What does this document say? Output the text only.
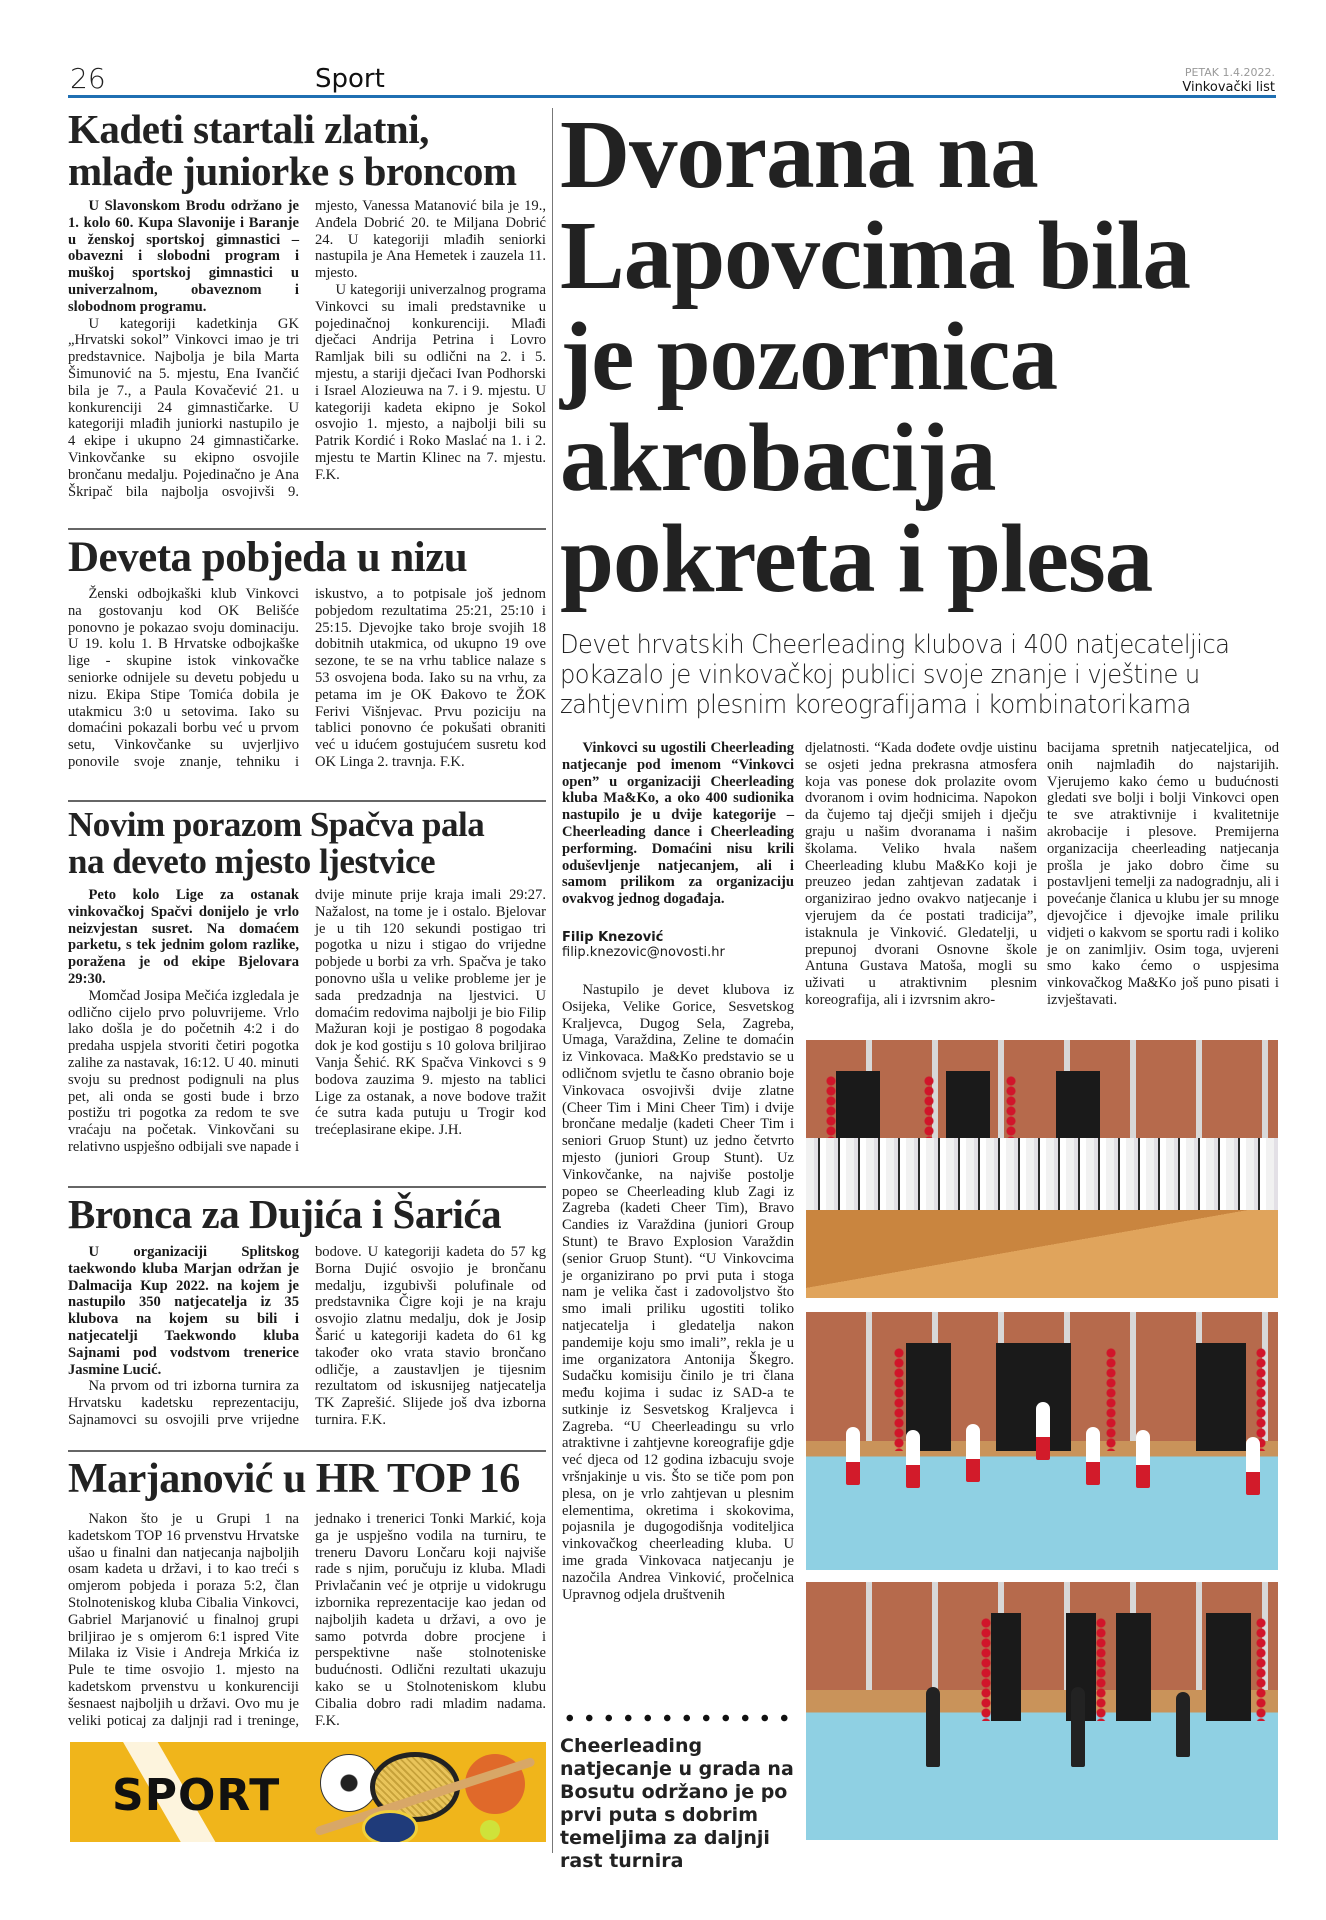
26	Sport	PETAK 1.4.2022.
Vinkovački list
Kadeti startali zlatni,
mlađe juniorke s broncom

U Slavonskom Brodu održano je 1. kolo 60. Kupa Slavonije i Baranje u ženskoj sportskoj gimnastici – obavezni i slobodni program i muškoj sportskoj gimnastici u univerzalnom, obaveznom i slobodnom programu.

U kategoriji kadetkinja GK „Hrvatski sokol” Vinkovci imao je tri predstavnice. Najbolja je bila Marta Šimunović na 5. mjestu, Ena Ivančić bila je 7., a Paula Kovačević 21. u konkurenciji 24 gimnastičarke. U kategoriji mlađih juniorki nastupilo je 4 ekipe i ukupno 24 gimnastičarke. Vinkovčanke su ekipno osvojile brončanu medalju. Pojedinačno je Ana Škripač bila najbolja osvojivši 9. mjesto, Vanessa Matanović bila je 19., Anđela Dobrić 20. te Miljana Dobrić 24. U kategoriji mlađih seniorki nastupila je Ana Hemetek i zauzela 11. mjesto.

U kategoriji univerzalnog programa Vinkovci su imali predstavnike u pojedinačnoj konkurenciji. Mlađi dječaci Andrija Petrina i Lovro Ramljak bili su odlični na 2. i 5. mjestu, a stariji dječaci Ivan Podhorski i Israel Alozieuwa na 7. i 9. mjestu. U kategoriji kadeta ekipno je Sokol osvojio 1. mjesto, a najbolji bili su Patrik Kordić i Roko Maslać na 1. i 2. mjestu te Martin Klinec na 7. mjestu. F.K.

Deveta pobjeda u nizu

Ženski odbojkaški klub Vinkovci na gostovanju kod OK Belišće ponovno je pokazao svoju dominaciju. U 19. kolu 1. B Hrvatske odbojkaške lige - skupine istok vinkovačke seniorke odnijele su devetu pobjedu u nizu. Ekipa Stipe Tomića dobila je utakmicu 3:0 u setovima. Iako su domaćini pokazali borbu već u prvom setu, Vinkovčanke su uvjerljivo ponovile svoje znanje, tehniku i iskustvo, a to potpisale još jednom pobjedom rezultatima 25:21, 25:10 i 25:15. Djevojke tako broje svojih 18 dobitnih utakmica, od ukupno 19 ove sezone, te se na vrhu tablice nalaze s 53 osvojena boda. Iako su na vrhu, za petama im je OK Đakovo te ŽOK Ferivi Višnjevac. Prvu poziciju na tablici ponovno će pokušati obraniti već u idućem gostujućem susretu kod OK Linga 2. travnja. F.K.

Novim porazom Spačva pala
na deveto mjesto ljestvice

Peto kolo Lige za ostanak vinkovačkoj Spačvi donijelo je vrlo neizvjestan susret. Na domaćem parketu, s tek jednim golom razlike, poražena je od ekipe Bjelovara 29:30.

Momčad Josipa Mečića izgledala je odlično cijelo prvo poluvrijeme. Vrlo lako došla je do početnih 4:2 i do predaha uspjela stvoriti četiri pogotka zalihe za nastavak, 16:12. U 40. minuti svoju su prednost podignuli na plus pet, ali onda se gosti bude i brzo postižu tri pogotka za redom te sve vraćaju na početak. Vinkovčani su relativno uspješno odbijali sve napade i dvije minute prije kraja imali 29:27. Nažalost, na tome je i ostalo. Bjelovar je u tih 120 sekundi postigao tri pogotka u nizu i stigao do vrijedne pobjede u borbi za vrh. Spačva je tako ponovno ušla u velike probleme jer je sada predzadnja na ljestvici. U domaćim redovima najbolji je bio Filip Mažuran koji je postigao 8 pogodaka dok je kod gostiju s 10 golova briljirao Vanja Šehić. RK Spačva Vinkovci s 9 bodova zauzima 9. mjesto na tablici Lige za ostanak, a nove bodove tražit će sutra kada putuju u Trogir kod trećeplasirane ekipe. J.H.

Bronca za Dujića i Šarića

U organizaciji Splitskog taekwondo kluba Marjan održan je Dalmacija Kup 2022. na kojem je nastupilo 350 natjecatelja iz 35 klubova na kojem su bili i natjecatelji Taekwondo kluba Sajnami pod vodstvom trenerice Jasmine Lucić.

Na prvom od tri izborna turnira za Hrvatsku kadetsku reprezentaciju, Sajnamovci su osvojili prve vrijedne bodove. U kategoriji kadeta do 57 kg Borna Dujić osvojio je brončanu medalju, izgubivši polufinale od predstavnika Čigre koji je na kraju osvojio zlatnu medalju, dok je Josip Šarić u kategoriji kadeta do 61 kg također oko vrata stavio brončano odličje, a zaustavljen je tijesnim rezultatom od iskusnijeg natjecatelja TK Zaprešić. Slijede još dva izborna turnira. F.K.

Marjanović u HR TOP 16

Nakon što je u Grupi 1 na kadetskom TOP 16 prvenstvu Hrvatske ušao u finalni dan natjecanja najboljih osam kadeta u državi, i to kao treći s omjerom pobjeda i poraza 5:2, član Stolnoteniskog kluba Cibalia Vinkovci, Gabriel Marjanović u finalnoj grupi briljirao je s omjerom 6:1 ispred Vite Milaka iz Visie i Andreja Mrkića iz Pule te time osvojio 1. mjesto na kadetskom prvenstvu u konkurenciji šesnaest najboljih u državi. Ovo mu je veliki poticaj za daljnji rad i treninge, jednako i trenerici Tonki Markić, koja ga je uspješno vodila na turniru, te treneru Davoru Lončaru koji najviše rade s njim, poručuju iz kluba. Mladi Privlačanin već je otprije u vidokrugu izbornika reprezentacije kao jedan od najboljih kadeta u državi, a ovo je samo potvrda dobre procjene i perspektivne naše stolnoteniske budućnosti. Odlični rezultati ukazuju kako se u Stolnoteniskom klubu Cibalia dobro radi mladim nadama. F.K.

SPORT
Dvorana na
Lapovcima bila
je pozornica
akrobacija
pokreta i plesa
Devet hrvatskih Cheerleading klubova i 400 natjecateljica pokazalo je vinkovačkoj publici svoje znanje i vještine u zahtjevnim plesnim koreografijama i kombinatorikama

Vinkovci su ugostili Cheerleading natjecanje pod imenom “Vinkovci open” u organizaciji Cheerleading kluba Ma&Ko, a oko 400 sudionika nastupilo je u dvije kategorije – Cheerleading dance i Cheerleading performing. Domaćini nisu krili oduševljenje natjecanjem, ali i samom prilikom za organizaciju ovakvog jednog događaja.

Filip Knezović
filip.knezovic@novosti.hr

Nastupilo je devet klubova iz Osijeka, Velike Gorice, Sesvetskog Kraljevca, Dugog Sela, Zagreba, Umaga, Varaždina, Zeline te domaćin iz Vinkovaca. Ma&Ko predstavio se u odličnom svjetlu te časno obranio boje Vinkovaca osvojivši dvije zlatne (Cheer Tim i Mini Cheer Tim) i dvije brončane medalje (kadeti Cheer Tim i seniori Gruop Stunt) uz jedno četvrto mjesto (juniori Group Stunt). Uz Vinkovčanke, na najviše postolje popeo se Cheerleading klub Zagi iz Zagreba (kadeti Cheer Tim), Bravo Candies iz Varaždina (juniori Group Stunt) te Bravo Explosion Varaždin (senior Gruop Stunt). “U Vinkovcima je organizirano po prvi puta i stoga nam je velika čast i zadovoljstvo što smo imali priliku ugostiti toliko natjecatelja i gledatelja nakon pandemije koju smo imali”, rekla je u ime organizatora Antonija Škegro. Sudačku komisiju činilo je tri člana među kojima i sudac iz SAD-a te sutkinje iz Sesvetskog Kraljevca i Zagreba. “U Cheerleadingu su vrlo atraktivne i zahtjevne koreografije gdje već djeca od 12 godina izbacuju svoje vršnjakinje u vis. Što se tiče pom pon plesa, on je vrlo zahtjevan u plesnim elementima, okretima i skokovima, pojasnila je dugogodišnja voditeljica vinkovačkog cheerleading kluba. U ime grada Vinkovaca natjecanju je nazočila Andrea Vinković, pročelnica Upravnog odjela društvenih

djelatnosti. “Kada dođete ovdje uistinu se osjeti jedna prekrasna atmosfera koja vas ponese dok prolazite ovom dvoranom i ovim hodnicima. Napokon da čujemo taj dječji smijeh i dječju graju u našim dvoranama i našim školama. Veliko hvala našem Cheerleading klubu Ma&Ko koji je preuzeo jedan zahtjevan zadatak i organizirao jedno ovakvo natjecanje i vjerujem da će postati tradicija”, istaknula je Vinković. Gledatelji, u prepunoj dvorani Osnovne škole Antuna Gustava Matoša, mogli su uživati u atraktivnim plesnim koreografija, ali i izvrsnim akro-

bacijama spretnih natjecateljica, od onih najmlađih do najstarijih. Vjerujemo kako ćemo u budućnosti gledati sve bolji i bolji Vinkovci open te sve atraktivnije i kvalitetnije akrobacije i plesove. Premijerna organizacija cheerleading natjecanja prošla je jako dobro čime su postavljeni temelji za nadogradnju, ali i povećanje članica u klubu jer su mnoge djevojčice i djevojke imale priliku vidjeti o kakvom se sportu radi i koliko je on zanimljiv. Osim toga, uvjereni smo kako ćemo o uspjesima vinkovačkog Ma&Ko još puno pisati i izvještavati.

Cheerleading natjecanje u grada na Bosutu održano je po prvi puta s dobrim temeljima za daljnji rast turnira
